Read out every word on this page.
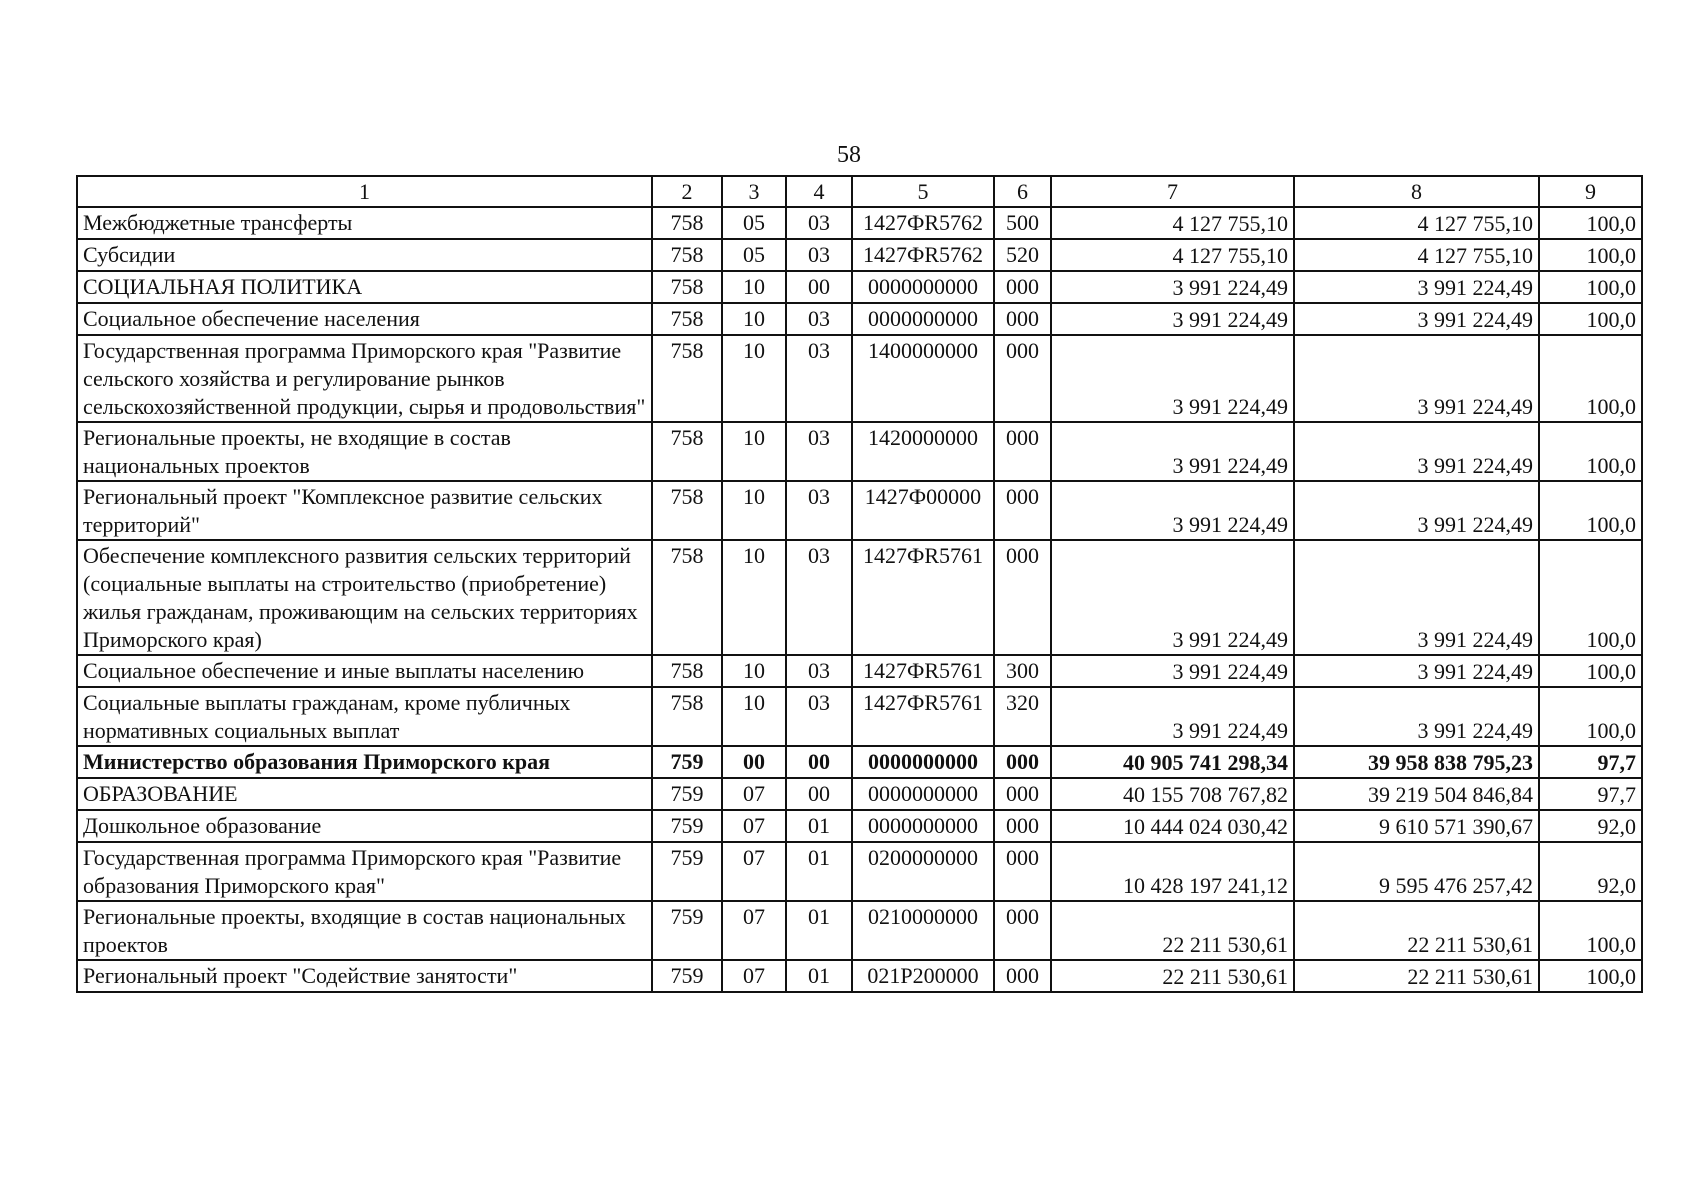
58
1	2	3	4	5	6	7	8	9
Межбюджетные трансферты	758	05	03	1427ФR5762	500	4 127 755,10	4 127 755,10	100,0
Субсидии	758	05	03	1427ФR5762	520	4 127 755,10	4 127 755,10	100,0
СОЦИАЛЬНАЯ ПОЛИТИКА	758	10	00	0000000000	000	3 991 224,49	3 991 224,49	100,0
Социальное обеспечение населения	758	10	03	0000000000	000	3 991 224,49	3 991 224,49	100,0
Государственная программа Приморского края "Развитие сельского хозяйства и регулирование рынков сельскохозяйственной продукции, сырья и продовольствия"	758	10	03	1400000000	000	3 991 224,49	3 991 224,49	100,0
Региональные проекты, не входящие в состав национальных проектов	758	10	03	1420000000	000	3 991 224,49	3 991 224,49	100,0
Региональный проект "Комплексное развитие сельских территорий"	758	10	03	1427Ф00000	000	3 991 224,49	3 991 224,49	100,0
Обеспечение комплексного развития сельских территорий (социальные выплаты на строительство (приобретение) жилья гражданам, проживающим на сельских территориях Приморского края)	758	10	03	1427ФR5761	000	3 991 224,49	3 991 224,49	100,0
Социальное обеспечение и иные выплаты населению	758	10	03	1427ФR5761	300	3 991 224,49	3 991 224,49	100,0
Социальные выплаты гражданам, кроме публичных нормативных социальных выплат	758	10	03	1427ФR5761	320	3 991 224,49	3 991 224,49	100,0
Министерство образования Приморского края	759	00	00	0000000000	000	40 905 741 298,34	39 958 838 795,23	97,7
ОБРАЗОВАНИЕ	759	07	00	0000000000	000	40 155 708 767,82	39 219 504 846,84	97,7
Дошкольное образование	759	07	01	0000000000	000	10 444 024 030,42	9 610 571 390,67	92,0
Государственная программа Приморского края "Развитие образования Приморского края"	759	07	01	0200000000	000	10 428 197 241,12	9 595 476 257,42	92,0
Региональные проекты, входящие в состав национальных проектов	759	07	01	0210000000	000	22 211 530,61	22 211 530,61	100,0
Региональный проект "Содействие занятости"	759	07	01	021P200000	000	22 211 530,61	22 211 530,61	100,0
